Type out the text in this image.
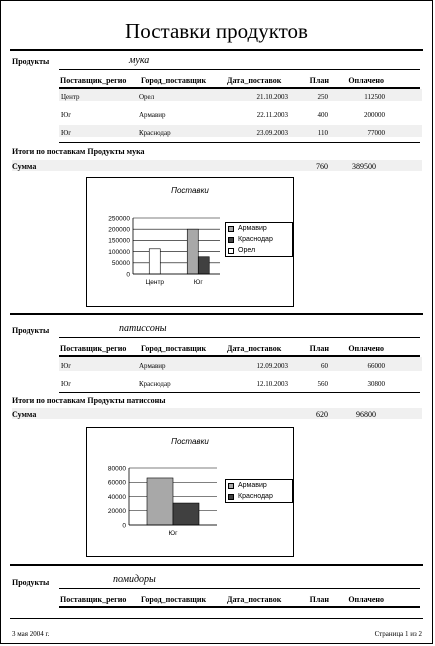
Поставки продуктов
Продукты	мука
Поставщик_регио Город_поставщик	Дата_поставок	План	Оплачено
Центр	Орел	21.10.2003	250	112500
Юг	Армавир	22.11.2003	400	200000
Юг	Краснодар	23.09.2003	110	77000
Итоги по поставкам Продукты мука
Сумма	760	389500
Поставки
250000
200000
150000
100000
50000
0
Центр	Юг
Армавир
Краснодар
Орел
Продукты	патиссоны
Поставщик_регио Город_поставщик	Дата_поставок	План	Оплачено
Юг	Армавир	12.09.2003	60	66000
Юг	Краснодар	12.10.2003	560	30800
Итоги по поставкам Продукты патиссоны
Сумма	620	96800
Поставки
80000
60000
40000
20000
0
Юг
Армавир
Краснодар
Продукты	помидоры
Поставщик_регио Город_поставщик	Дата_поставок	План	Оплачено
3 мая 2004 г.	Страница 1 из 2
